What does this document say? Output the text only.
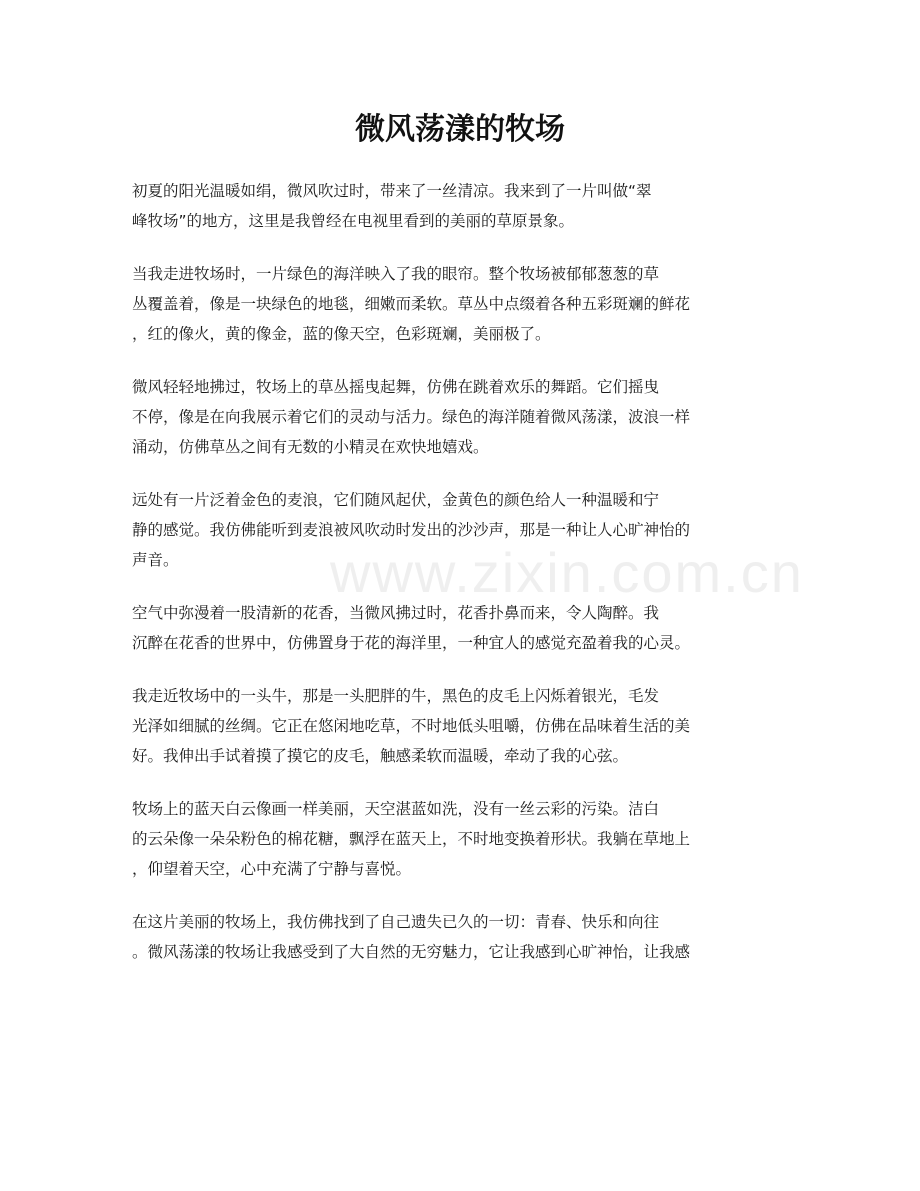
微风荡漾的牧场
www.zixin.com.cn

初夏的阳光温暖如绢，微风吹过时，带来了一丝清凉。我来到了一片叫做“翠
峰牧场”的地方，这里是我曾经在电视里看到的美丽的草原景象。

当我走进牧场时，一片绿色的海洋映入了我的眼帘。整个牧场被郁郁葱葱的草
丛覆盖着，像是一块绿色的地毯，细嫩而柔软。草丛中点缀着各种五彩斑斓的鲜花
，红的像火，黄的像金，蓝的像天空，色彩斑斓，美丽极了。

微风轻轻地拂过，牧场上的草丛摇曳起舞，仿佛在跳着欢乐的舞蹈。它们摇曳
不停，像是在向我展示着它们的灵动与活力。绿色的海洋随着微风荡漾，波浪一样
涌动，仿佛草丛之间有无数的小精灵在欢快地嬉戏。

远处有一片泛着金色的麦浪，它们随风起伏，金黄色的颜色给人一种温暖和宁
静的感觉。我仿佛能听到麦浪被风吹动时发出的沙沙声，那是一种让人心旷神怡的
声音。

空气中弥漫着一股清新的花香，当微风拂过时，花香扑鼻而来，令人陶醉。我
沉醉在花香的世界中，仿佛置身于花的海洋里，一种宜人的感觉充盈着我的心灵。

我走近牧场中的一头牛，那是一头肥胖的牛，黑色的皮毛上闪烁着银光，毛发
光泽如细腻的丝绸。它正在悠闲地吃草，不时地低头咀嚼，仿佛在品味着生活的美
好。我伸出手试着摸了摸它的皮毛，触感柔软而温暖，牵动了我的心弦。

牧场上的蓝天白云像画一样美丽，天空湛蓝如洗，没有一丝云彩的污染。洁白
的云朵像一朵朵粉色的棉花糖，飘浮在蓝天上，不时地变换着形状。我躺在草地上
，仰望着天空，心中充满了宁静与喜悦。

在这片美丽的牧场上，我仿佛找到了自己遗失已久的一切：青春、快乐和向往
。微风荡漾的牧场让我感受到了大自然的无穷魅力，它让我感到心旷神怡，让我感
